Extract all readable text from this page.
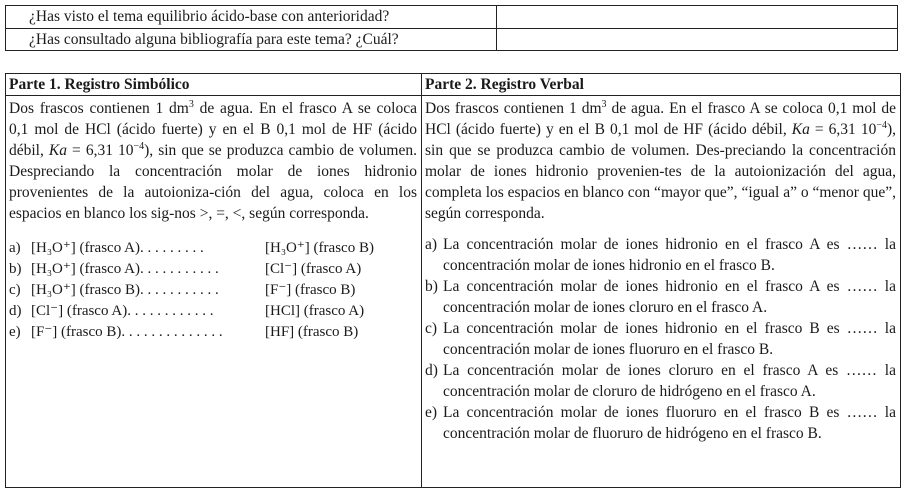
¿Has visto el tema equilibrio ácido-base con anterioridad?
¿Has consultado alguna bibliografía para este tema? ¿Cuál?
Parte 1. Registro Simbólico

Dos frascos contienen 1 $dm^3$ de agua. En el frasco A se coloca 0,1 mol de HCl (ácido fuerte) y en el B 0,1 mol de HF (ácido débil, Ka = 6,31 $10^{-4}$), sin que se produzca cambio de volumen. Despreciando la concentración molar de iones hidronio provenientes de la autoioniza-ción del agua, coloca en los espacios en blanco los sig-nos >, =, <, según corresponda.

a) [H₃O⁺] (frasco A). . . . . . . . .	[H₃O⁺] (frasco B)
b) [H₃O⁺] (frasco A). . . . . . . . . . .	[Cl⁻] (frasco A)
c) [H₃O⁺] (frasco B). . . . . . . . . . .	[F⁻] (frasco B)
d) [Cl⁻] (frasco A). . . . . . . . . . . .	[HCl] (frasco A)
e) [F⁻] (frasco B). . . . . . . . . . . . . .	[HF] (frasco B)
Parte 2. Registro Verbal

Dos frascos contienen 1 $dm^3$ de agua. En el frasco A se coloca 0,1 mol de HCl (ácido fuerte) y en el B 0,1 mol de HF (ácido débil, Ka = 6,31 $10^{-4}$), sin que se produzca cambio de volumen. Des-preciando la concentración molar de iones hidronio provenien-tes de la autoionización del agua, completa los espacios en blanco con “mayor que”, “igual a” o “menor que”, según corresponda.

a) La concentración molar de iones hidronio en el frasco A es …… la concentración molar de iones hidronio en el frasco B.
b) La concentración molar de iones hidronio en el frasco A es …… la concentración molar de iones cloruro en el frasco A.
c) La concentración molar de iones hidronio en el frasco B es …… la concentración molar de iones fluoruro en el frasco B.
d) La concentración molar de iones cloruro en el frasco A es …… la concentración molar de cloruro de hidrógeno en el frasco A.
e) La concentración molar de iones fluoruro en el frasco B es …… la concentración molar de fluoruro de hidrógeno en el frasco B.
